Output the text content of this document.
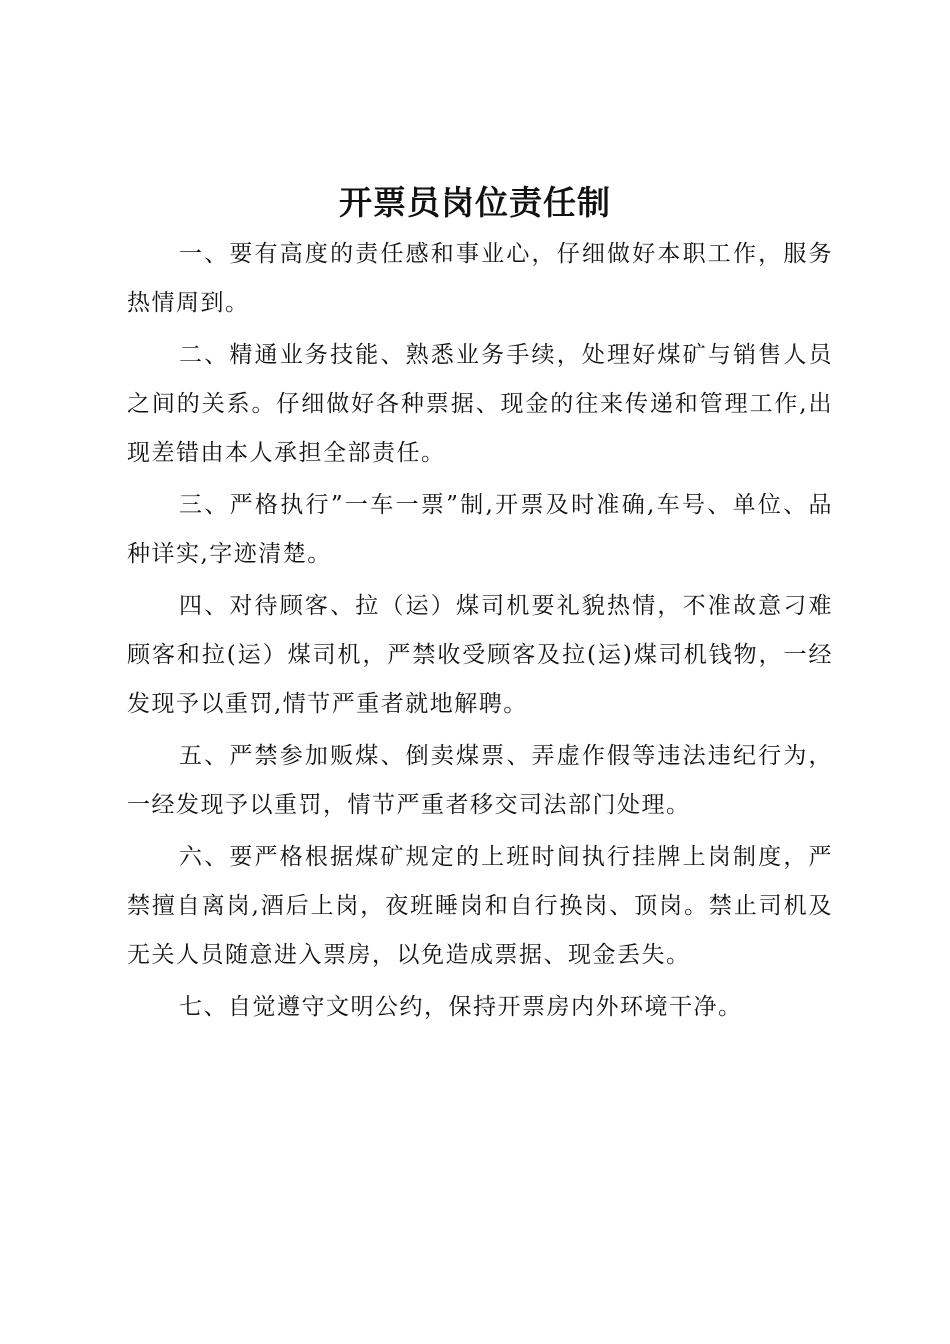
开票员岗位责任制

一、要有高度的责任感和事业心，仔细做好本职工作，服务热情周到。

二、精通业务技能、熟悉业务手续，处理好煤矿与销售人员之间的关系。仔细做好各种票据、现金的往来传递和管理工作,出现差错由本人承担全部责任。

三、严格执行”一车一票”制,开票及时准确,车号、单位、品种详实,字迹清楚。

四、对待顾客、拉（运）煤司机要礼貌热情，不准故意刁难顾客和拉(运）煤司机，严禁收受顾客及拉(运)煤司机钱物，一经发现予以重罚,情节严重者就地解聘。

五、严禁参加贩煤、倒卖煤票、弄虚作假等违法违纪行为，一经发现予以重罚，情节严重者移交司法部门处理。

六、要严格根据煤矿规定的上班时间执行挂牌上岗制度，严禁擅自离岗,酒后上岗，夜班睡岗和自行换岗、顶岗。禁止司机及无关人员随意进入票房，以免造成票据、现金丢失。

七、自觉遵守文明公约，保持开票房内外环境干净。
